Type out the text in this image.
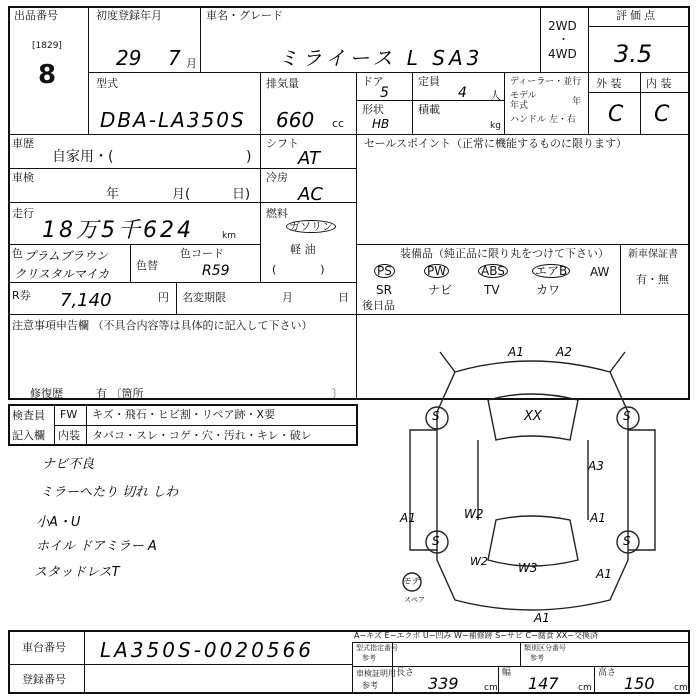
出品番号
[1829]
8
初度登録年月
29 7 月
車名・グレード
ミライース L SA3
2WD
・
4WD
評価点
3.5
型式
DBA-LA350S
排気量
660 cc
ドア
5
定員
4 人
形状
HB
積載
kg
ディーラー・並行
モデル
年式	年
ハンドル 左・右
外 装 内 装
C C
車歴
自家用・(	)
シフト
AT
セールスポイント（正常に機能するものに限ります）
車検
年	月(	日)
冷房
AC
走行
18万5千624	km
燃料
ガソリン
軽 油
(　　　　)
色 プラムブラウン
クリスタルマイカ
色替
色コード
R59
装備品（純正品に限り丸をつけて下さい）
PS	PW	ABS	エアB AW
SR	ナビ	TV	カワ
新車保証書
有・無
R券 7,140	円 名変期限	月	日
後日品
注意事項申告欄 （不具合内容等は具体的に記入して下さい）
修復歴	有 〔箇所	〕
検査員
記入欄
FW キズ・飛石・ヒビ割・リペア跡・X要
内装 タバコ・スレ・コゲ・穴・汚れ・キレ・破レ
ナビ不良
ミラーへたり 切れ しわ
小A・U
ホイル ドアミラー A
スタッドレスT
A1	A2
XX
A3
A1	W2	A1
W2	W3	A1
A1
S	S
S	S
モデ
スペア
A−キズ E−エクボ U−凹み W−補修跡 S−サビ C−腐食 XX−交換済
車台番号 LA350S-0020566
登録番号
型式指定番号
参考
類別区分番号
参考
車検証明用
参考
長さ
339	cm
幅
147 cm
高さ
150 cm
